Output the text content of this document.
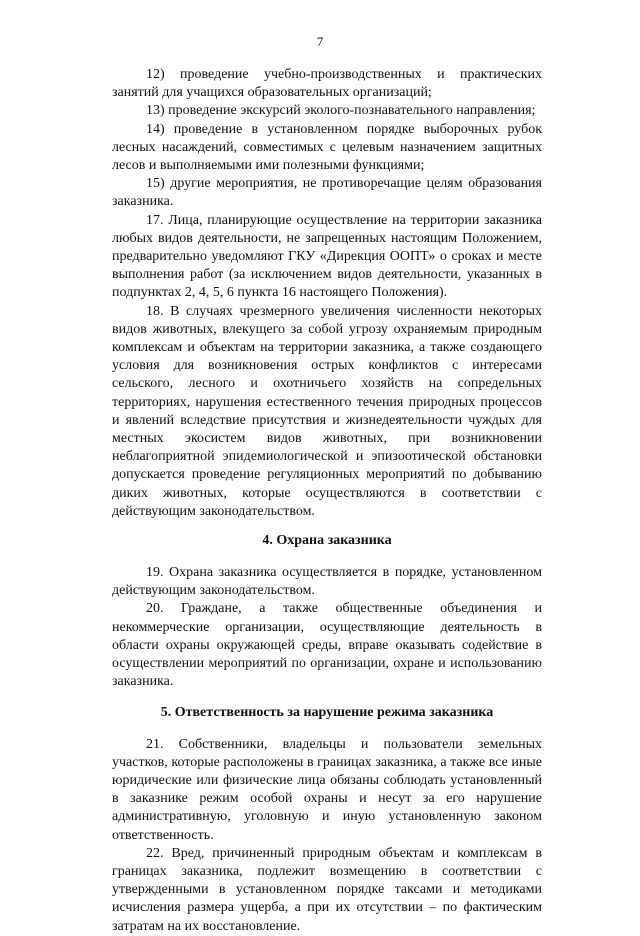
7

12) проведение учебно-производственных и практических занятий для учащихся образовательных организаций;

13) проведение экскурсий эколого-познавательного направления;

14) проведение в установленном порядке выборочных рубок лесных насаждений, совместимых с целевым назначением защитных лесов и выполняемыми ими полезными функциями;

15) другие мероприятия, не противоречащие целям образования заказника.

17. Лица, планирующие осуществление на территории заказника любых видов деятельности, не запрещенных настоящим Положением, предварительно уведомляют ГКУ «Дирекция ООПТ» о сроках и месте выполнения работ (за исключением видов деятельности, указанных в подпунктах 2, 4, 5, 6 пункта 16 настоящего Положения).

18. В случаях чрезмерного увеличения численности некоторых видов животных, влекущего за собой угрозу охраняемым природным комплексам и объектам на территории заказника, а также создающего условия для возникновения острых конфликтов с интересами сельского, лесного и охотничьего хозяйств на сопредельных территориях, нарушения естественного течения природных процессов и явлений вследствие присутствия и жизнедеятельности чуждых для местных экосистем видов животных, при возникновении неблагоприятной эпидемиологической и эпизоотической обстановки допускается проведение регуляционных мероприятий по добыванию диких животных, которые осуществляются в соответствии с действующим законодательством.

4. Охрана заказника

19. Охрана заказника осуществляется в порядке, установленном действующим законодательством.

20. Граждане, а также общественные объединения и некоммерческие организации, осуществляющие деятельность в области охраны окружающей среды, вправе оказывать содействие в осуществлении мероприятий по организации, охране и использованию заказника.

5. Ответственность за нарушение режима заказника

21. Собственники, владельцы и пользователи земельных участков, которые расположены в границах заказника, а также все иные юридические или физические лица обязаны соблюдать установленный в заказнике режим особой охраны и несут за его нарушение административную, уголовную и иную установленную законом ответственность.

22. Вред, причиненный природным объектам и комплексам в границах заказника, подлежит возмещению в соответствии с утвержденными в установленном порядке таксами и методиками исчисления размера ущерба, а при их отсутствии – по фактическим затратам на их восстановление.
